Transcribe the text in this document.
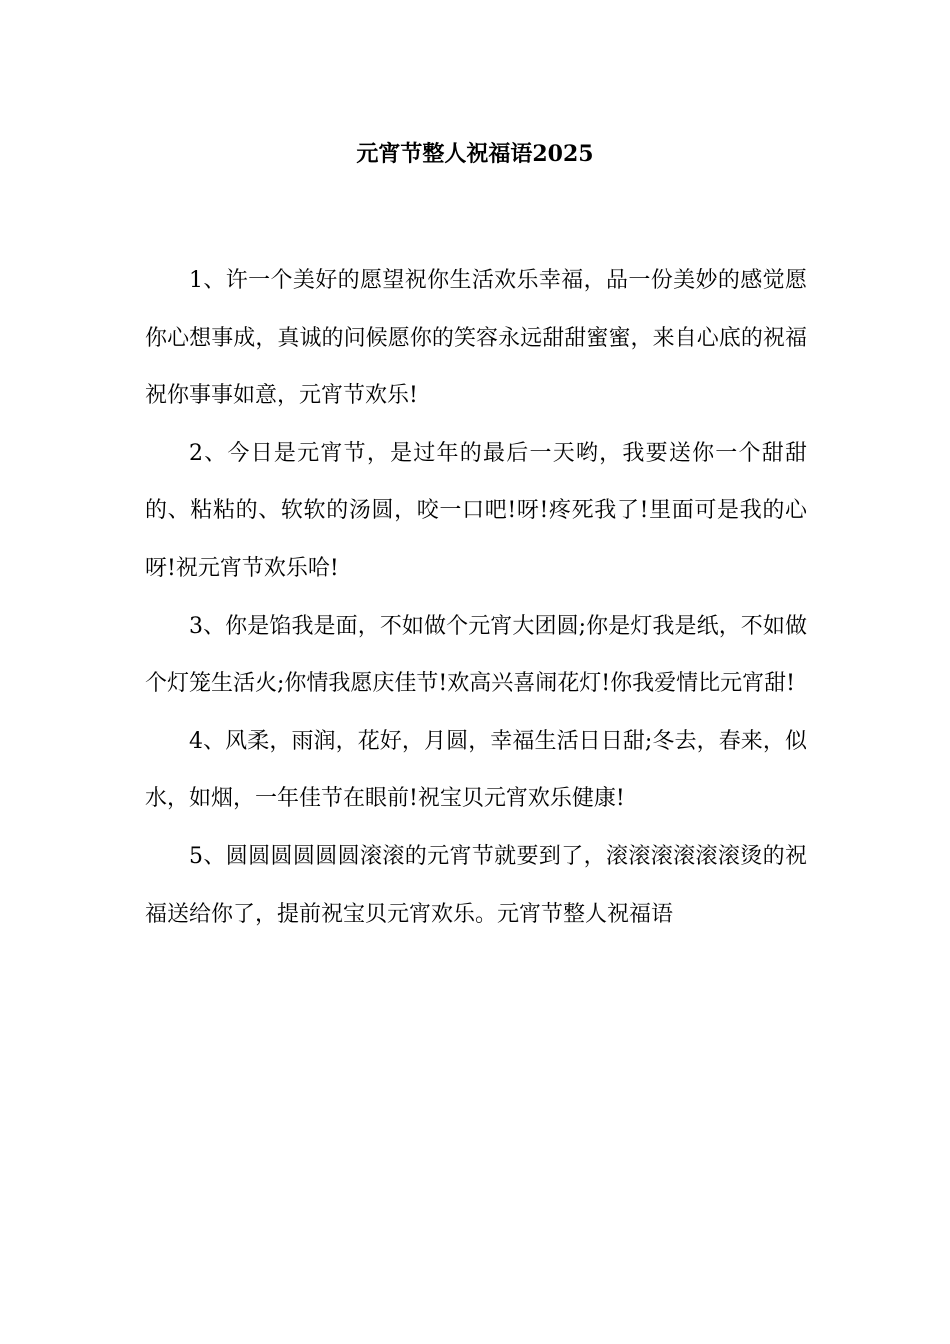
元宵节整人祝福语2025

1、许一个美好的愿望祝你生活欢乐幸福，品一份美妙的感觉愿你心想事成，真诚的问候愿你的笑容永远甜甜蜜蜜，来自心底的祝福祝你事事如意，元宵节欢乐!

2、今日是元宵节，是过年的最后一天哟，我要送你一个甜甜的、粘粘的、软软的汤圆，咬一口吧!呀!疼死我了!里面可是我的心呀!祝元宵节欢乐哈!

3、你是馅我是面，不如做个元宵大团圆;你是灯我是纸，不如做个灯笼生活火;你情我愿庆佳节!欢高兴喜闹花灯!你我爱情比元宵甜!

4、风柔，雨润，花好，月圆，幸福生活日日甜;冬去，春来，似水，如烟，一年佳节在眼前!祝宝贝元宵欢乐健康!

5、圆圆圆圆圆圆滚滚的元宵节就要到了，滚滚滚滚滚滚烫的祝福送给你了，提前祝宝贝元宵欢乐。元宵节整人祝福语
